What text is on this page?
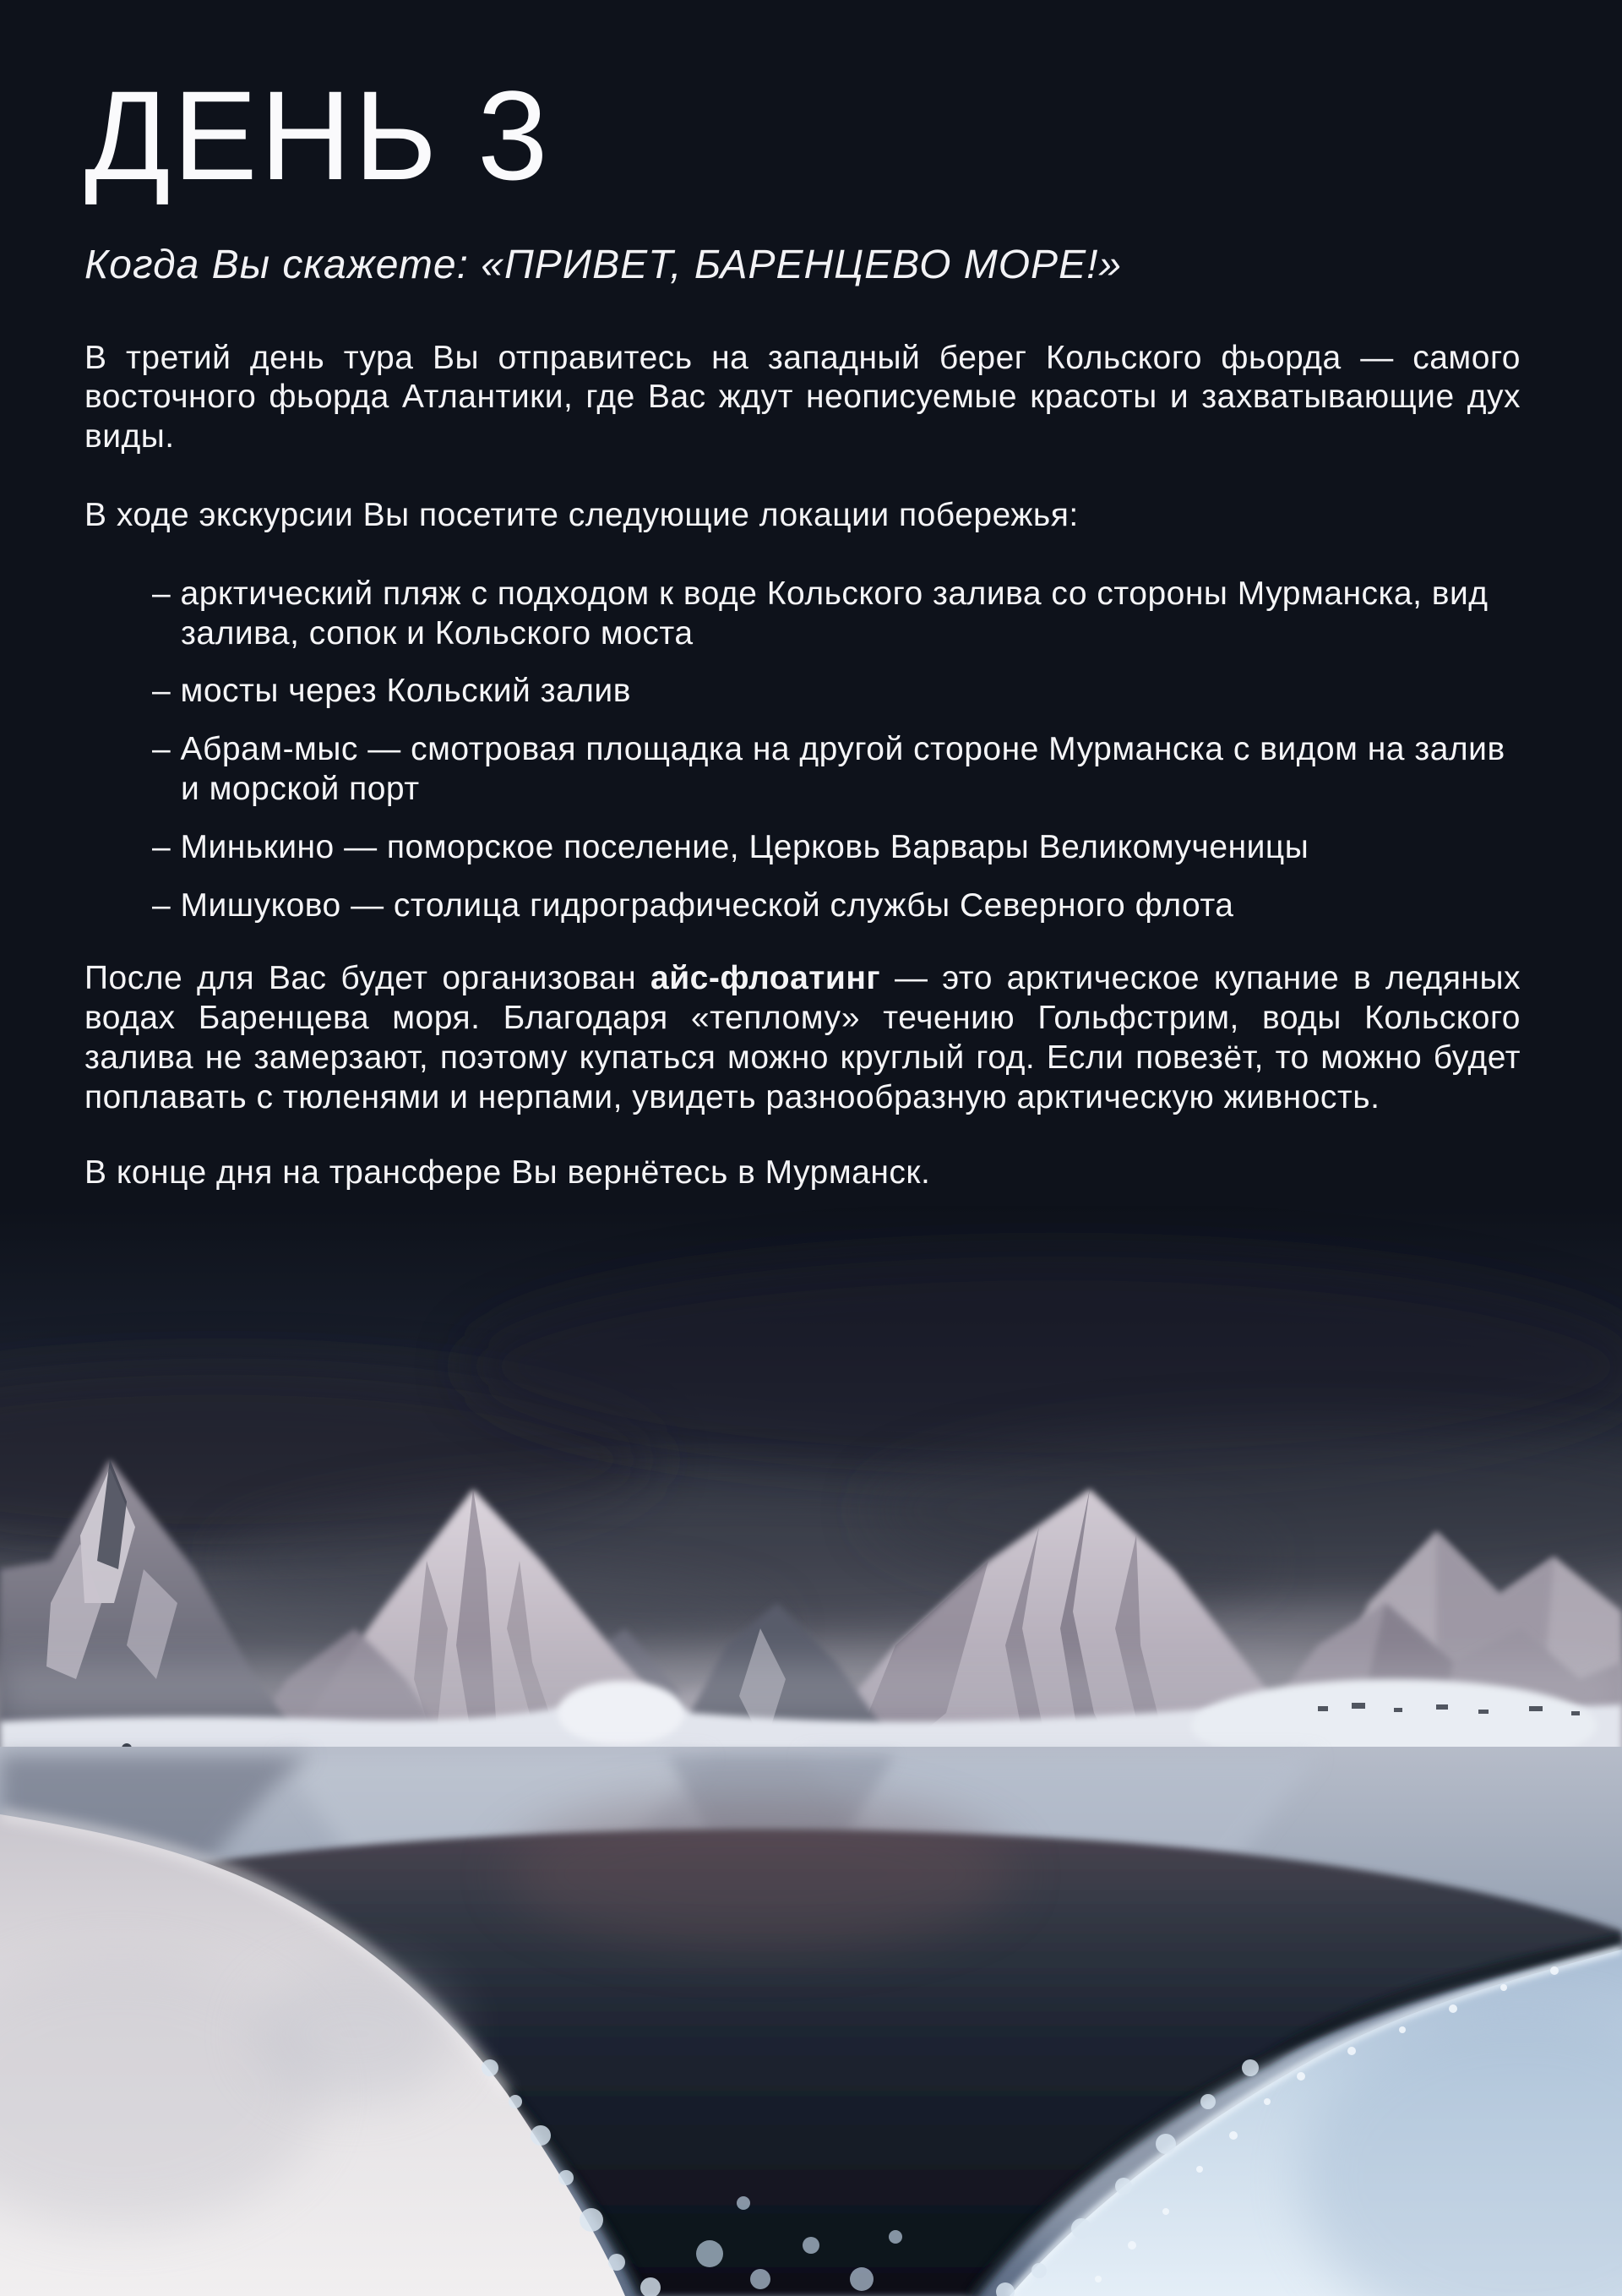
ДЕНЬ 3

Когда Вы скажете: «ПРИВЕТ, БАРЕНЦЕВО МОРЕ!»

В третий день тура Вы отправитесь на западный берег Кольского фьорда — самого восточного фьорда Атлантики, где Вас ждут неописуемые красоты и захватывающие дух виды.

В ходе экскурсии Вы посетите следующие локации побережья:

– арктический пляж с подходом к воде Кольского залива со стороны Мурманска, вид залива, сопок и Кольского моста
– мосты через Кольский залив
– Абрам-мыс — смотровая площадка на другой стороне Мурманска с видом на залив и морской порт
– Минькино — поморское поселение, Церковь Варвары Великомученицы
– Мишуково — столица гидрографической службы Северного флота

После для Вас будет организован айс-флоатинг — это арктическое купание в ледяных водах Баренцева моря. Благодаря «теплому» течению Гольфстрим, воды Кольского залива не замерзают, поэтому купаться можно круглый год. Если повезёт, то можно будет поплавать с тюленями и нерпами, увидеть разнообразную арктическую живность.

В конце дня на трансфере Вы вернётесь в Мурманск.
